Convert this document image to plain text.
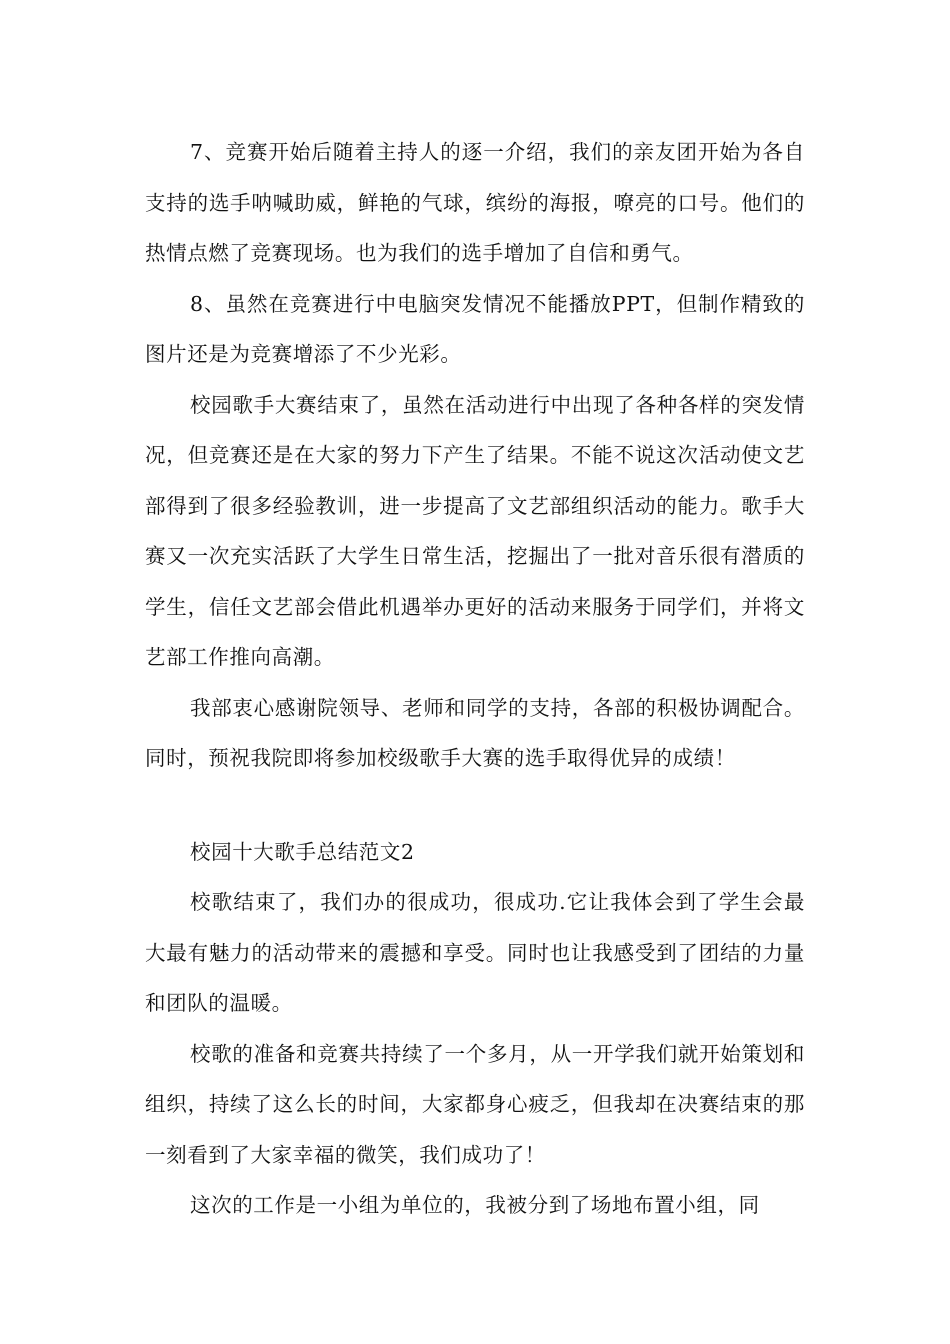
7、竞赛开始后随着主持人的逐一介绍，我们的亲友团开始为各自支持的选手呐喊助威，鲜艳的气球，缤纷的海报，嘹亮的口号。他们的热情点燃了竞赛现场。也为我们的选手增加了自信和勇气。

8、虽然在竞赛进行中电脑突发情况不能播放PPT，但制作精致的图片还是为竞赛增添了不少光彩。

校园歌手大赛结束了，虽然在活动进行中出现了各种各样的突发情况，但竞赛还是在大家的努力下产生了结果。不能不说这次活动使文艺部得到了很多经验教训，进一步提高了文艺部组织活动的能力。歌手大赛又一次充实活跃了大学生日常生活，挖掘出了一批对音乐很有潜质的学生，信任文艺部会借此机遇举办更好的活动来服务于同学们，并将文艺部工作推向高潮。

我部衷心感谢院领导、老师和同学的支持，各部的积极协调配合。同时，预祝我院即将参加校级歌手大赛的选手取得优异的成绩！

校园十大歌手总结范文2

校歌结束了，我们办的很成功，很成功.它让我体会到了学生会最大最有魅力的活动带来的震撼和享受。同时也让我感受到了团结的力量和团队的温暖。

校歌的准备和竞赛共持续了一个多月，从一开学我们就开始策划和组织，持续了这么长的时间，大家都身心疲乏，但我却在决赛结束的那一刻看到了大家幸福的微笑，我们成功了！

这次的工作是一小组为单位的，我被分到了场地布置小组，同
